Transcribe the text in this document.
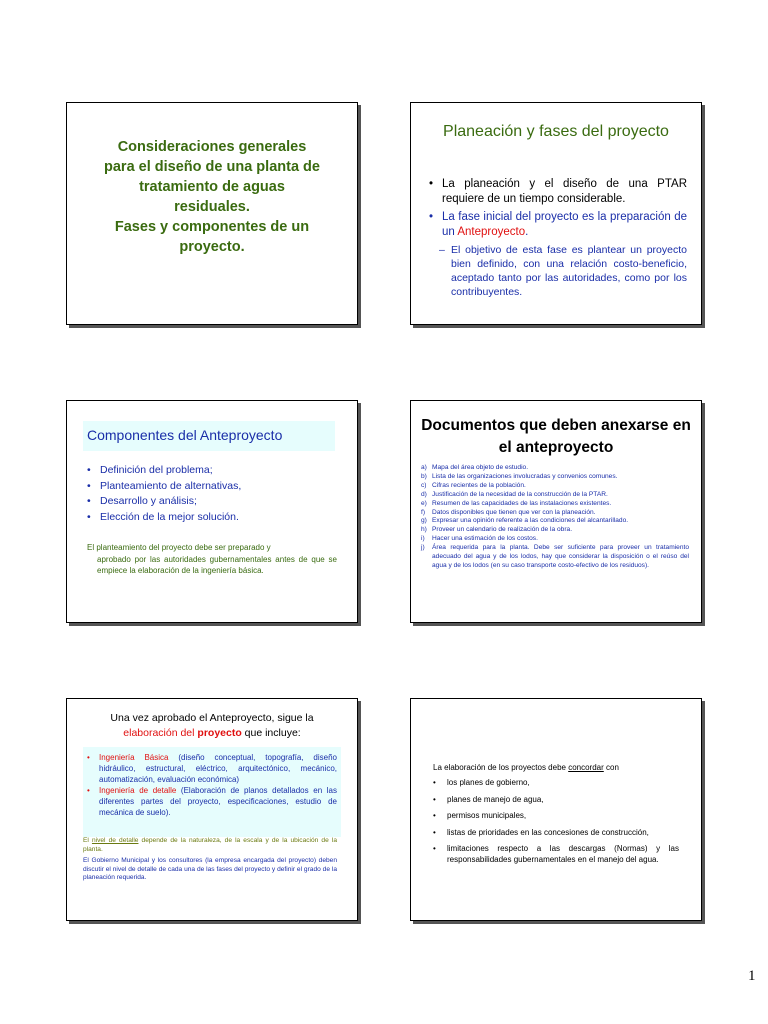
Consideraciones generales
para el diseño de una planta de
tratamiento de aguas
residuales.
Fases y componentes de un
proyecto.
Planeación y fases del proyecto
• La planeación y el diseño de una PTAR requiere de un tiempo considerable.
• La fase inicial del proyecto es la preparación de un Anteproyecto.
– El objetivo de esta fase es plantear un proyecto bien definido, con una relación costo-beneficio, aceptado tanto por las autoridades, como por los contribuyentes.
Componentes del Anteproyecto
• Definición del problema;
• Planteamiento de alternativas,
• Desarrollo y análisis;
• Elección de la mejor solución.
El planteamiento del proyecto debe ser preparado y
aprobado por las autoridades gubernamentales antes de que se empiece la elaboración de la ingeniería básica.
Documentos que deben anexarse en el anteproyecto
a) Mapa del área objeto de estudio.
b) Lista de las organizaciones involucradas y convenios comunes.
c) Cifras recientes de la población.
d) Justificación de la necesidad de la construcción de la PTAR.
e) Resumen de las capacidades de las instalaciones existentes.
f) Datos disponibles que tienen que ver con la planeación.
g) Expresar una opinión referente a las condiciones del alcantarillado.
h) Proveer un calendario de realización de la obra.
i) Hacer una estimación de los costos.
j) Área requerida para la planta. Debe ser suficiente para proveer un tratamiento adecuado del agua y de los lodos, hay que considerar la disposición o el reúso del agua y de los lodos (en su caso transporte costo-efectivo de los residuos).
Una vez aprobado el Anteproyecto, sigue la
elaboración del proyecto que incluye:
• Ingeniería Básica (diseño conceptual, topografía, diseño hidráulico, estructural, eléctrico, arquitectónico, mecánico, automatización, evaluación económica)
• Ingeniería de detalle (Elaboración de planos detallados en las diferentes partes del proyecto, especificaciones, estudio de mecánica de suelo).
El nivel de detalle depende de la naturaleza, de la escala y de la ubicación de la planta.
El Gobierno Municipal y los consultores (la empresa encargada del proyecto) deben discutir el nivel de detalle de cada una de las fases del proyecto y definir el grado de la planeación requerida.
La elaboración de los proyectos debe concordar con
• los planes de gobierno,
• planes de manejo de agua,
• permisos municipales,
• listas de prioridades en las concesiones de construcción,
• limitaciones respecto a las descargas (Normas) y las responsabilidades gubernamentales en el manejo del agua.
1
